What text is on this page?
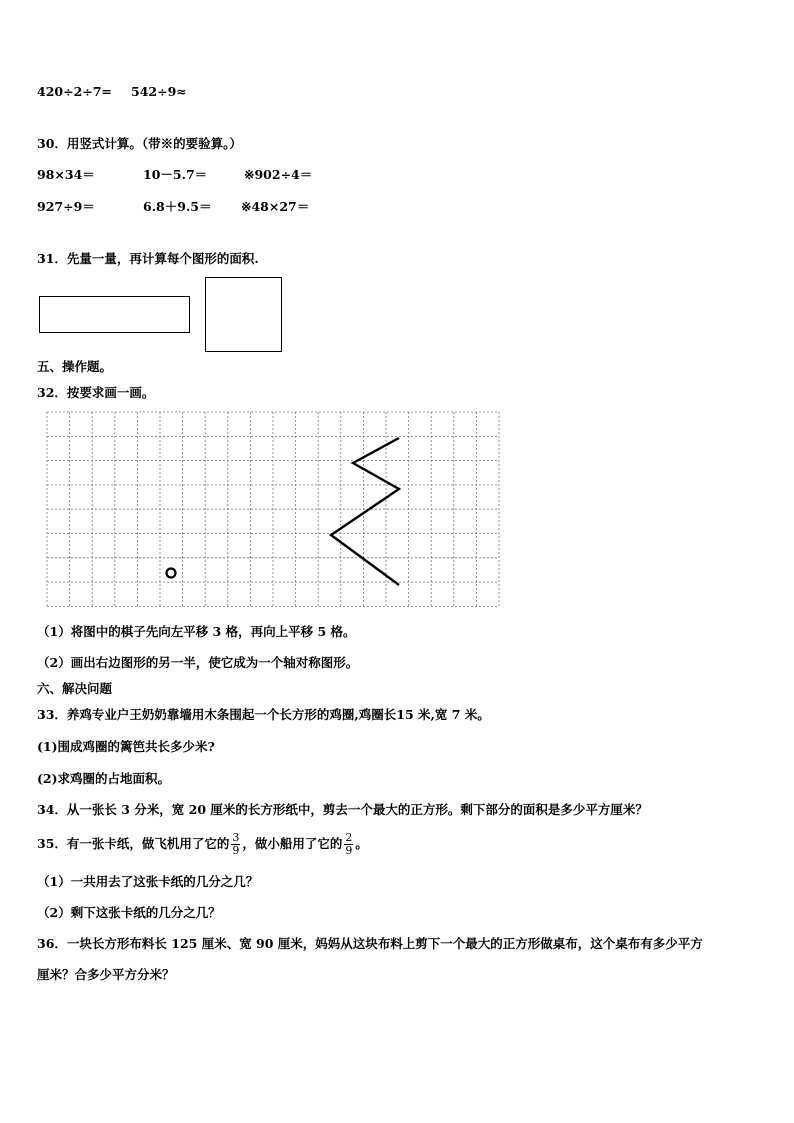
420÷2÷7= 542÷9≈
30．用竖式计算。（带※的要验算。）
98×34＝	10－5.7＝	※902÷4＝
927÷9＝	6.8＋9.5＝ ※48×27＝
31．先量一量，再计算每个图形的面积.
五、操作题。
32．按要求画一画。
（1）将图中的棋子先向左平移 3 格，再向上平移 5 格。
（2）画出右边图形的另一半，使它成为一个轴对称图形。
六、解决问题
33．养鸡专业户王奶奶靠墙用木条围起一个长方形的鸡圈,鸡圈长15 米,宽 7 米。
(1)围成鸡圈的篱笆共长多少米?
(2)求鸡圈的占地面积。
34．从一张长 3 分米，宽 20 厘米的长方形纸中，剪去一个最大的正方形。剩下部分的面积是多少平方厘米？
35．有一张卡纸，做飞机用了它的 $\frac{3}{9}$ ，做小船用了它的 $\frac{2}{9}$ 。
（1）一共用去了这张卡纸的几分之几？
（2）剩下这张卡纸的几分之几？
36．一块长方形布料长 125 厘米、宽 90 厘米，妈妈从这块布料上剪下一个最大的正方形做桌布，这个桌布有多少平方
厘米？合多少平方分米？
